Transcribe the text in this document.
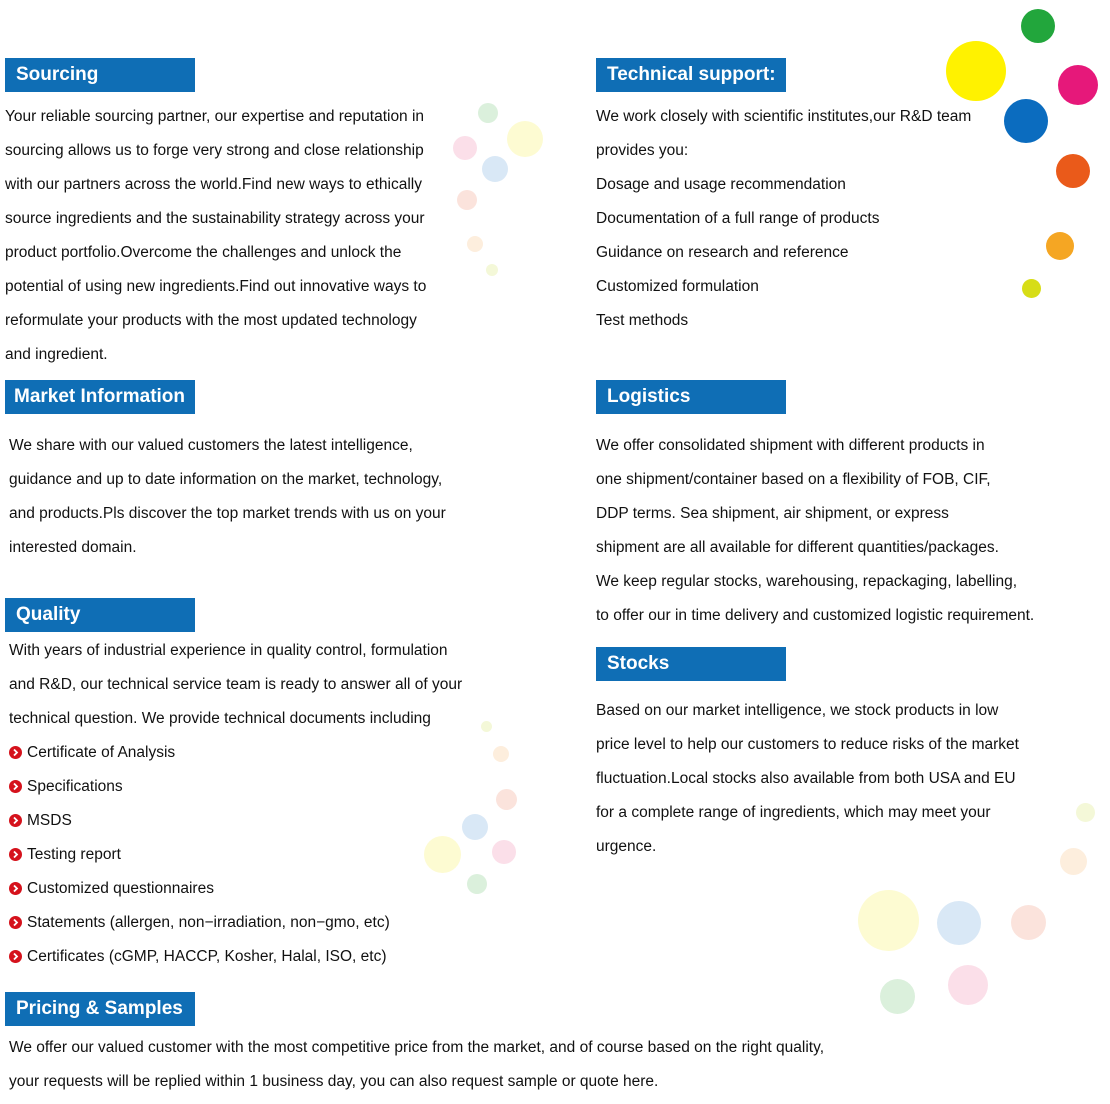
Sourcing
Your reliable sourcing partner, our expertise and reputation in
sourcing allows us to forge very strong and close relationship
with our partners across the world.Find new ways to ethically
source ingredients and the sustainability strategy across your
product portfolio.Overcome the challenges and unlock the
potential of using new ingredients.Find out innovative ways to
reformulate your products with the most updated technology
and ingredient.
Technical support:
We work closely with scientific institutes,our R&D team
provides you:
Dosage and usage recommendation
Documentation of a full range of products
Guidance on research and reference
Customized formulation
Test methods
Market Information
We share with our valued customers the latest intelligence,
guidance and up to date information on the market, technology,
and products.Pls discover the top market trends with us on your
interested domain.
Logistics
We offer consolidated shipment with different products in
one shipment/container based on a flexibility of FOB, CIF,
DDP terms. Sea shipment, air shipment, or express
shipment are all available for different quantities/packages.
We keep regular stocks, warehousing, repackaging, labelling,
to offer our in time delivery and customized logistic requirement.
Quality
With years of industrial experience in quality control, formulation
and R&D, our technical service team is ready to answer all of your
technical question. We provide technical documents including
Certificate of Analysis
Specifications
MSDS
Testing report
Customized questionnaires
Statements (allergen, non−irradiation, non−gmo, etc)
Certificates (cGMP, HACCP, Kosher, Halal, ISO, etc)
Stocks
Based on our market intelligence, we stock products in low
price level to help our customers to reduce risks of the market
fluctuation.Local stocks also available from both USA and EU
for a complete range of ingredients, which may meet your
urgence.
Pricing & Samples
We offer our valued customer with the most competitive price from the market, and of course based on the right quality,
your requests will be replied within 1 business day, you can also request sample or quote here.
